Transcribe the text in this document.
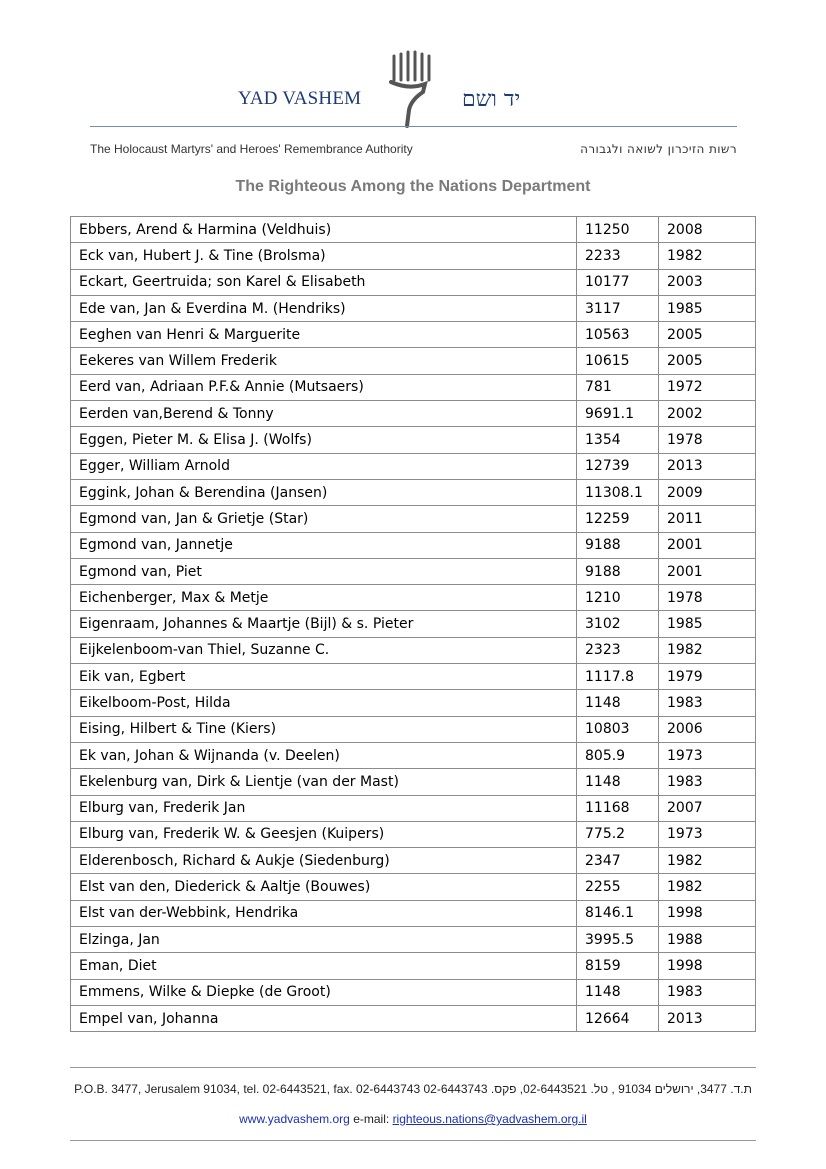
YAD VASHEM	יד ושם
The Holocaust Martyrs' and Heroes' Remembrance Authority	רשות הזיכרון לשואה ולגבורה
The Righteous Among the Nations Department
Ebbers, Arend & Harmina (Veldhuis)	11250	2008
Eck van, Hubert J. & Tine (Brolsma)	2233	1982
Eckart, Geertruida; son Karel & Elisabeth	10177	2003
Ede van, Jan & Everdina M. (Hendriks)	3117	1985
Eeghen van Henri & Marguerite	10563	2005
Eekeres van Willem Frederik	10615	2005
Eerd van, Adriaan P.F.& Annie (Mutsaers)	781	1972
Eerden van,Berend & Tonny	9691.1	2002
Eggen, Pieter M. & Elisa J. (Wolfs)	1354	1978
Egger, William Arnold	12739	2013
Eggink, Johan & Berendina (Jansen)	11308.1	2009
Egmond van, Jan & Grietje (Star)	12259	2011
Egmond van, Jannetje	9188	2001
Egmond van, Piet	9188	2001
Eichenberger, Max & Metje	1210	1978
Eigenraam, Johannes & Maartje (Bijl) & s. Pieter	3102	1985
Eijkelenboom-van Thiel, Suzanne C.	2323	1982
Eik van, Egbert	1117.8	1979
Eikelboom-Post, Hilda	1148	1983
Eising, Hilbert & Tine (Kiers)	10803	2006
Ek van, Johan & Wijnanda (v. Deelen)	805.9	1973
Ekelenburg van, Dirk & Lientje (van der Mast)	1148	1983
Elburg van, Frederik Jan	11168	2007
Elburg van, Frederik W. & Geesjen (Kuipers)	775.2	1973
Elderenbosch, Richard & Aukje (Siedenburg)	2347	1982
Elst van den, Diederick & Aaltje (Bouwes)	2255	1982
Elst van der-Webbink, Hendrika	8146.1	1998
Elzinga, Jan	3995.5	1988
Eman, Diet	8159	1998
Emmens, Wilke & Diepke (de Groot)	1148	1983
Empel van, Johanna	12664	2013
P.O.B. 3477, Jerusalem 91034, tel. 02-6443521, fax. 02-6443743 ת.ד. 3477, ירושלים 91034 , טל. 02-6443521, פקס. 02-6443743
www.yadvashem.org e-mail: righteous.nations@yadvashem.org.il
